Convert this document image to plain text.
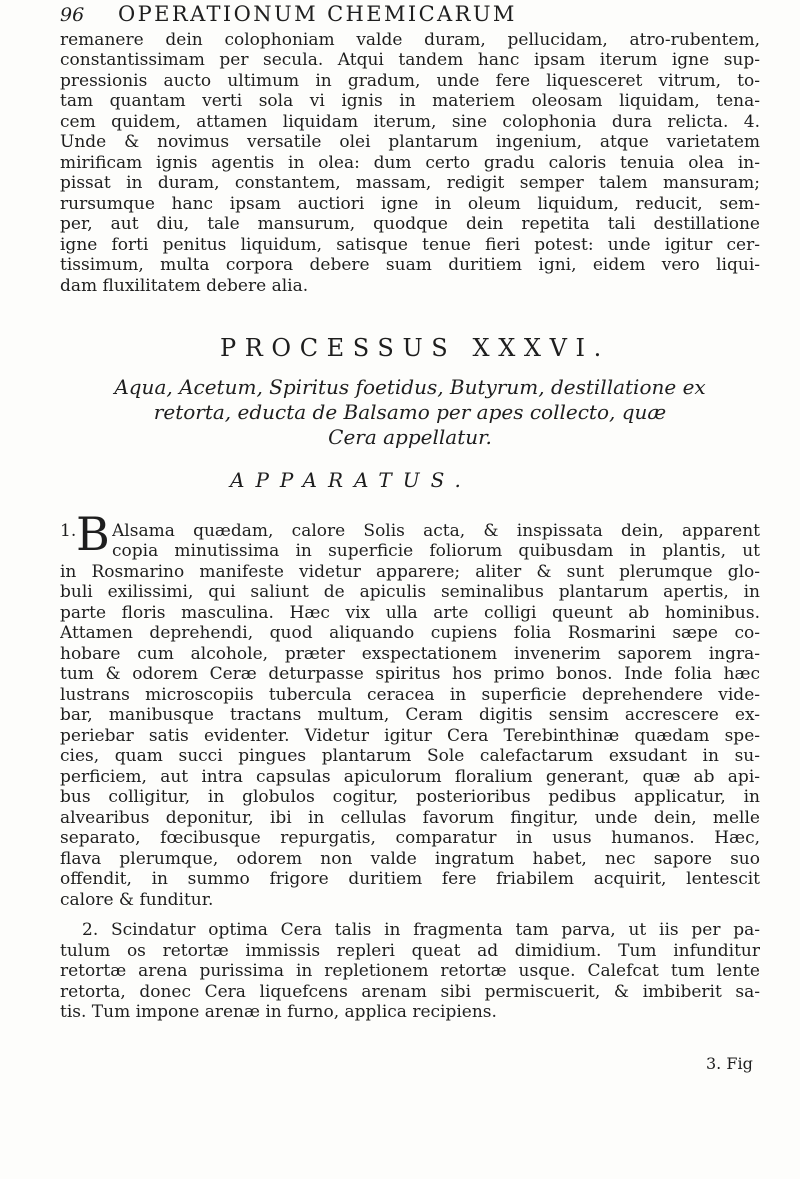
96 OPERATIONUM CHEMICARUM
remanere dein colophoniam valde duram, pellucidam, atro-rubentem,
constantissimam per secula. Atqui tandem hanc ipsam iterum igne sup-
pressionis aucto ultimum in gradum, unde fere liquesceret vitrum, to-
tam quantam verti sola vi ignis in materiem oleosam liquidam, tena-
cem quidem, attamen liquidam iterum, sine colophonia dura relicta. 4.
Unde & novimus versatile olei plantarum ingenium, atque varietatem
mirificam ignis agentis in olea: dum certo gradu caloris tenuia olea in-
pissat in duram, constantem, massam, redigit semper talem mansuram;
rursumque hanc ipsam auctiori igne in oleum liquidum, reducit, sem-
per, aut diu, tale mansurum, quodque dein repetita tali destillatione
igne forti penitus liquidum, satisque tenue fieri potest: unde igitur cer-
tissimum, multa corpora debere suam duritiem igni, eidem vero liqui-
dam fluxilitatem debere alia.
PROCESSUS XXXVI.
Aqua, Acetum, Spiritus foetidus, Butyrum, destillatione ex
retorta, educta de Balsamo per apes collecto, quæ
Cera appellatur.
APPARATUS.
1. B Alsama quædam, calore Solis acta, & inspissata dein, apparent
copia minutissima in superficie foliorum quibusdam in plantis, ut
in Rosmarino manifeste videtur apparere; aliter & sunt plerumque glo-
buli exilissimi, qui saliunt de apiculis seminalibus plantarum apertis, in
parte floris masculina. Hæc vix ulla arte colligi queunt ab hominibus.
Attamen deprehendi, quod aliquando cupiens folia Rosmarini sæpe co-
hobare cum alcohole, præter exspectationem invenerim saporem ingra-
tum & odorem Ceræ deturpasse spiritus hos primo bonos. Inde folia hæc
lustrans microscopiis tubercula ceracea in superficie deprehendere vide-
bar, manibusque tractans multum, Ceram digitis sensim accrescere ex-
periebar satis evidenter. Videtur igitur Cera Terebinthinæ quædam spe-
cies, quam succi pingues plantarum Sole calefactarum exsudant in su-
perficiem, aut intra capsulas apiculorum floralium generant, quæ ab api-
bus colligitur, in globulos cogitur, posterioribus pedibus applicatur, in
alvearibus deponitur, ibi in cellulas favorum fingitur, unde dein, melle
separato, fœcibusque repurgatis, comparatur in usus humanos. Hæc,
flava plerumque, odorem non valde ingratum habet, nec sapore suo
offendit, in summo frigore duritiem fere friabilem acquirit, lentescit
calore & funditur.
2. Scindatur optima Cera talis in fragmenta tam parva, ut iis per pa-
tulum os retortæ immissis repleri queat ad dimidium. Tum infunditur
retortæ arena purissima in repletionem retortæ usque. Calefcat tum lente
retorta, donec Cera liquefcens arenam sibi permiscuerit, & imbiberit sa-
tis. Tum impone arenæ in furno, applica recipiens.
3. Fig
